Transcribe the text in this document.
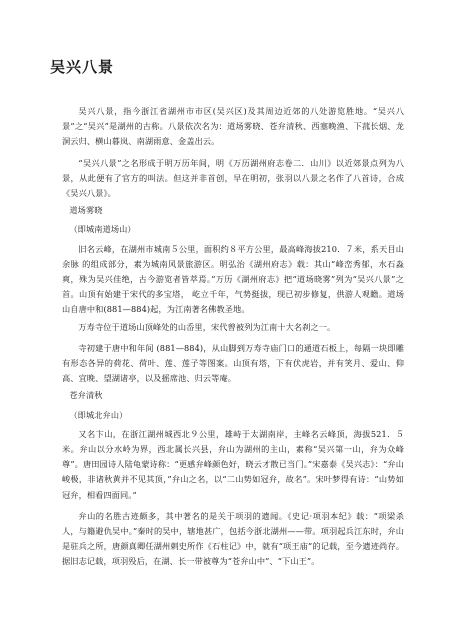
吴兴八景

吴兴八景，指今浙江省湖州市市区(吴兴区)及其周边近郊的八处游览胜地。“吴兴八景”之“吴兴”是湖州的古称。八景依次名为：道场雾晓、苍弁清秋、西塞晚渔、下菰长烟、龙洞云归、横山暮岚、南湖雨意、金盖出云。

“吴兴八景”之名形成于明万历年间，明《万历湖州府志卷二．山川》以近郊景点列为八景，从此便有了官方的叫法。但这并非首创，早在明初，张羽以八景之名作了八首诗，合成《吴兴八景》。

道场雾晓

（即城南道场山）

旧名云峰，在湖州市城南５公里，面积约８平方公里，最高峰海拔210．７米，系天目山余脉 的组成部分，素为城南风景旅游区。明弘治《湖州府志》载：其山“峰峦秀郁，水石淼爽，殊为吴兴佳绝，古今游览者皆萃焉。”万历《湖州府志》把“道场晓雾”列为“吴兴八景”之首。山顶有始建于宋代的多宝塔， 屹立千年，气势挺拔，现已初步修复，供游人观瞻。道场山自唐中和(881—884)起，为江南著名佛教圣地。

万寿寺位于道场山顶峰处的山岙里，宋代曾被列为江南十大名刹之一。

寺初建于唐中和年间 (881—884)，从山脚到万寿寺庙门口的通道石板上，每隔一块即雕有形态各异的荷花、荷叶、莲、莲子等图案。山顶有塔，下有伏虎岩，并有笑月、爱山、仰高、宜晚、望湖诸亭，以及摇席池、归云等庵。

苍弁清秋

（即城北弁山）

又名卞山，在浙江湖州城西北９公里，雄峙于太湖南岸，主峰名云峰顶，海拔521．５米。弁山以分水岭为界，西北属长兴县，弁山为湖州的主山，素称“吴兴第一山，弁为众峰尊”。唐田园诗人陆龟蒙诗称：“更感弁峰颜色好，晓云才散已当门。”宋嘉泰《吴兴志》：“弁山峻极，非诸秋黄并不见其顶，”弁山之名，以“二山势如冠弁，故名”。宋叶梦得有诗：“山势如冠弁，相看四面同。”

弁山的名胜古迹颇多，其中著名的是关于项羽的遗闻。《史记·项羽本纪》载：“项梁杀人，与籍避仇吴中。”秦时的吴中，辖地甚广，包括今浙北湖州——带。项羽起兵江东时，弁山是驻兵之所，唐颜真卿任湖州刺史所作《石柱记》中，就有“项王庙”的记载，至今遗迹尚存。据旧志记载，项羽殁后，在湖、长一带被尊为“苍弁山中”、“下山王”。
